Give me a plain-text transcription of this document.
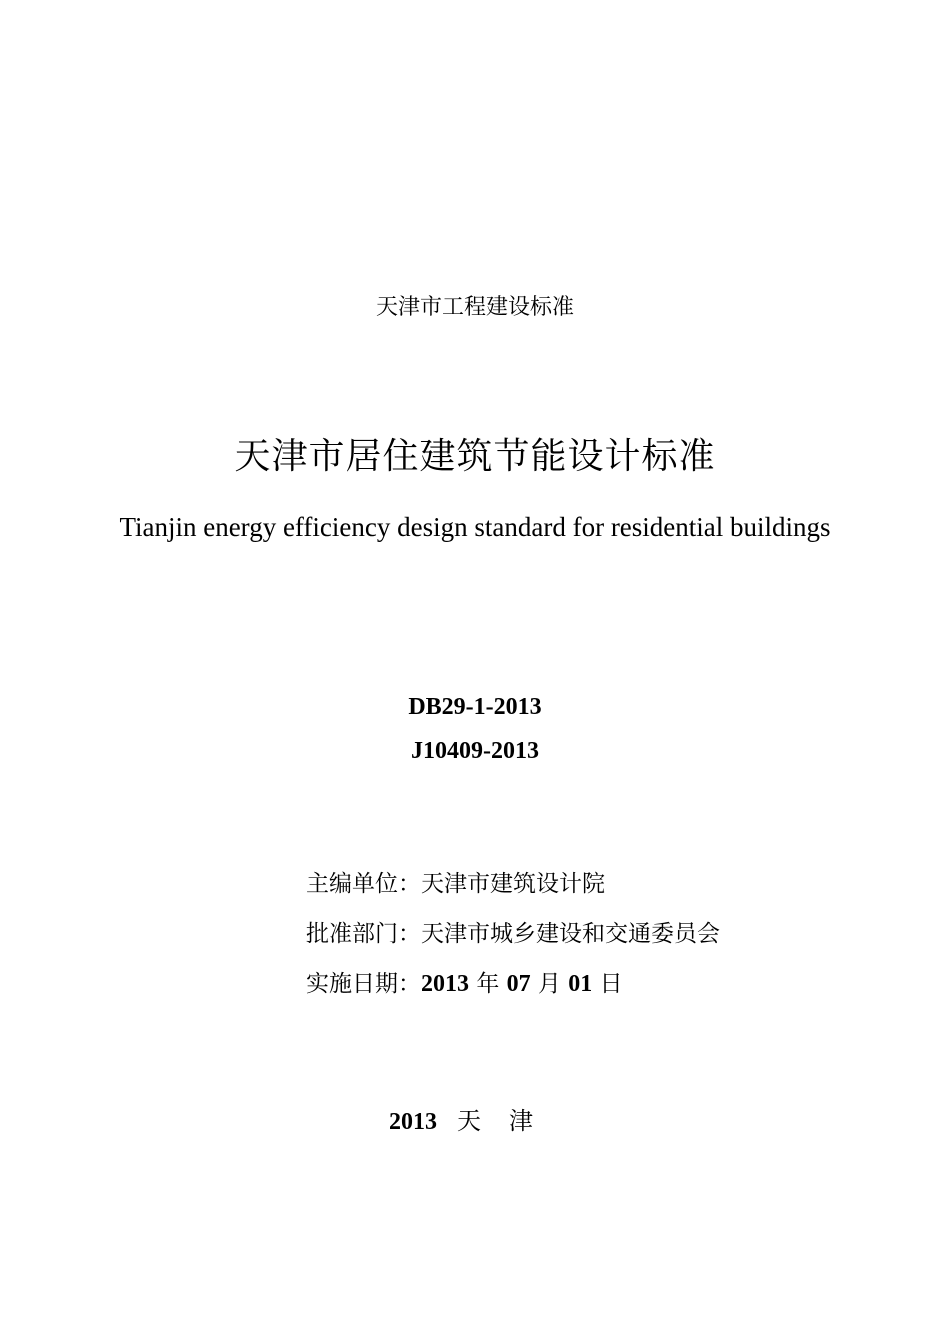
天津市工程建设标准
天津市居住建筑节能设计标准
Tianjin energy efficiency design standard for residential buildings
DB29-1-2013
J10409-2013
主编单位：天津市建筑设计院
批准部门：天津市城乡建设和交通委员会
实施日期：2013 年 07 月 01 日
2013 天津
